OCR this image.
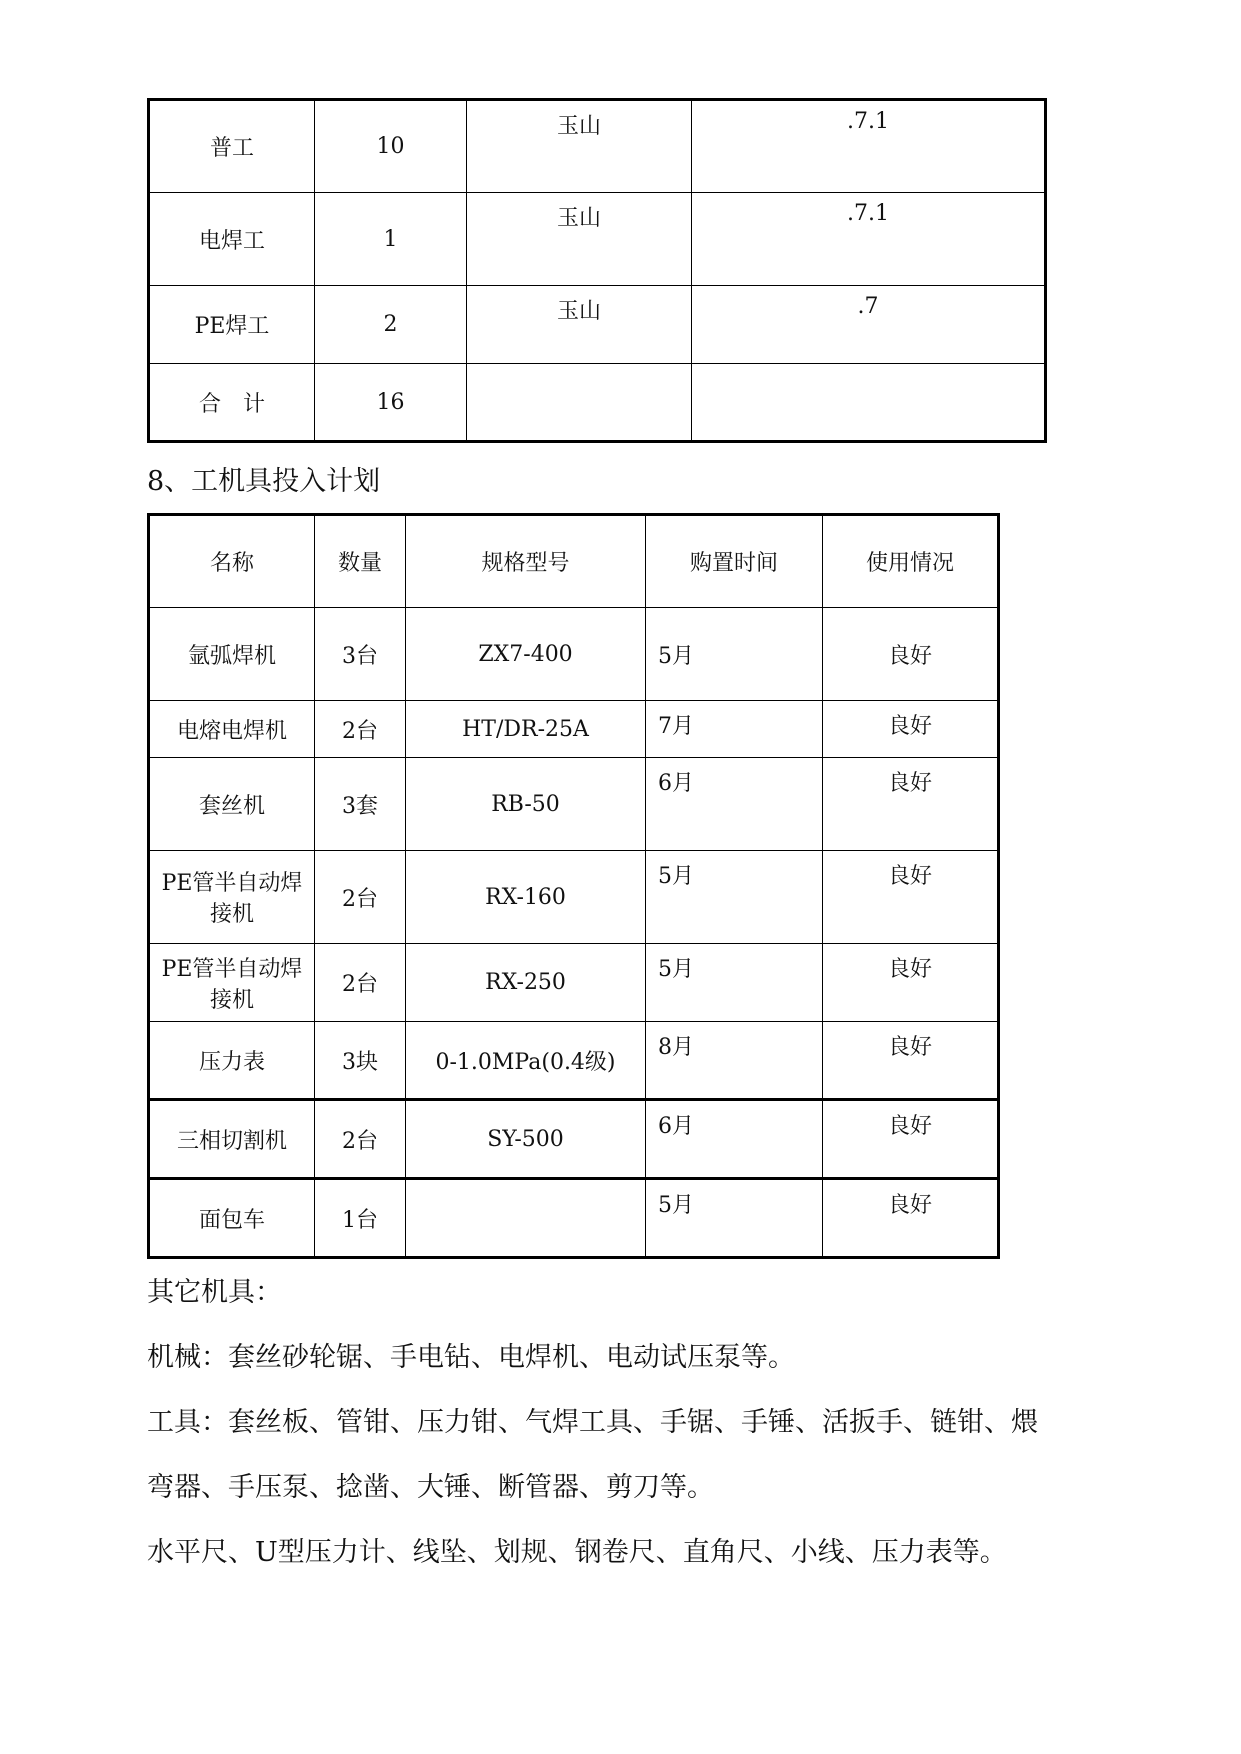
普工	10	玉山	.7.1
电焊工	1	玉山	.7.1
PE焊工	2	玉山	.7
合　计	16		
8、工机具投入计划
名称	数量	规格型号	购置时间	使用情况
氩弧焊机	3台	ZX7-400	5月	良好
电熔电焊机	2台	HT/DR-25A	7月	良好
套丝机	3套	RB-50	6月	良好
PE管半自动焊接机	2台	RX-160	5月	良好
PE管半自动焊接机	2台	RX-250	5月	良好
压力表	3块	0-1.0MPa(0.4级)	8月	良好
三相切割机	2台	SY-500	6月	良好
面包车	1台		5月	良好

其它机具：

机械：套丝砂轮锯、手电钻、电焊机、电动试压泵等。

工具：套丝板、管钳、压力钳、气焊工具、手锯、手锤、活扳手、链钳、煨

弯器、手压泵、捻凿、大锤、断管器、剪刀等。

水平尺、U型压力计、线坠、划规、钢卷尺、直角尺、小线、压力表等。
